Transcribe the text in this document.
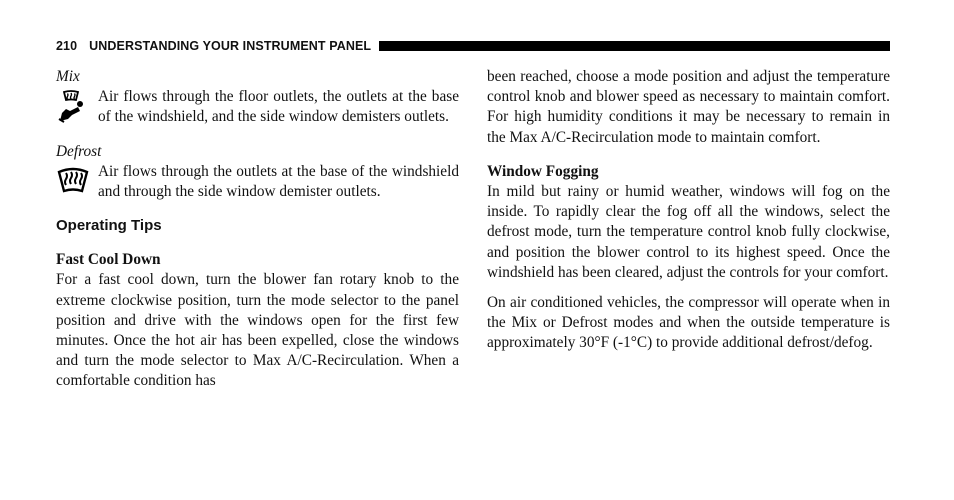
210 UNDERSTANDING YOUR INSTRUMENT PANEL
Mix

Air flows through the floor outlets, the outlets at the base of the windshield, and the side window demisters outlets.

Defrost

Air flows through the outlets at the base of the windshield and through the side window demister outlets.

Operating Tips
Fast Cool Down

For a fast cool down, turn the blower fan rotary knob to the extreme clockwise position, turn the mode selector to the panel position and drive with the windows open for the first few minutes. Once the hot air has been expelled, close the windows and turn the mode selector to Max A/C-Recirculation. When a comfortable condition has

been reached, choose a mode position and adjust the temperature control knob and blower speed as necessary to maintain comfort. For high humidity conditions it may be necessary to remain in the Max A/C-Recirculation mode to maintain comfort.

Window Fogging

In mild but rainy or humid weather, windows will fog on the inside. To rapidly clear the fog off all the windows, select the defrost mode, turn the temperature control knob fully clockwise, and position the blower control to its highest speed. Once the windshield has been cleared, adjust the controls for your comfort.

On air conditioned vehicles, the compressor will operate when in the Mix or Defrost modes and when the outside temperature is approximately 30°F (-1°C) to provide additional defrost/defog.
